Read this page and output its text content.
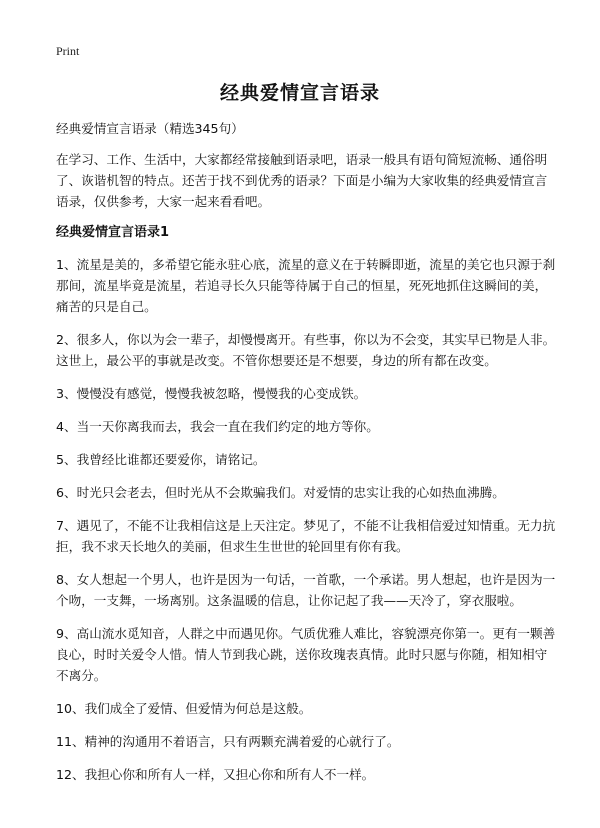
Print
经典爱情宣言语录

经典爱情宣言语录（精选345句）

在学习、工作、生活中，大家都经常接触到语录吧，语录一般具有语句简短流畅、通俗明了、诙谐机智的特点。还苦于找不到优秀的语录？下面是小编为大家收集的经典爱情宣言语录，仅供参考，大家一起来看看吧。

经典爱情宣言语录1

1、流星是美的，多希望它能永驻心底，流星的意义在于转瞬即逝，流星的美它也只源于刹那间，流星毕竟是流星，若追寻长久只能等待属于自己的恒星，死死地抓住这瞬间的美，痛苦的只是自己。

2、很多人，你以为会一辈子，却慢慢离开。有些事，你以为不会变，其实早已物是人非。这世上，最公平的事就是改变。不管你想要还是不想要，身边的所有都在改变。

3、慢慢没有感觉，慢慢我被忽略，慢慢我的心变成铁。

4、当一天你离我而去，我会一直在我们约定的地方等你。

5、我曾经比谁都还要爱你，请铭记。

6、时光只会老去，但时光从不会欺骗我们。对爱情的忠实让我的心如热血沸腾。

7、遇见了，不能不让我相信这是上天注定。梦见了，不能不让我相信爱过知情重。无力抗拒，我不求天长地久的美丽，但求生生世世的轮回里有你有我。

8、女人想起一个男人，也许是因为一句话，一首歌，一个承诺。男人想起，也许是因为一个吻，一支舞，一场离别。这条温暖的信息，让你记起了我——天冷了，穿衣服啦。

9、高山流水觅知音，人群之中而遇见你。气质优雅人难比，容貌漂亮你第一。更有一颗善良心，时时关爱令人惜。情人节到我心跳，送你玫瑰表真情。此时只愿与你随，相知相守不离分。

10、我们成全了爱情、但爱情为何总是这般。

11、精神的沟通用不着语言，只有两颗充满着爱的心就行了。

12、我担心你和所有人一样，又担心你和所有人不一样。
